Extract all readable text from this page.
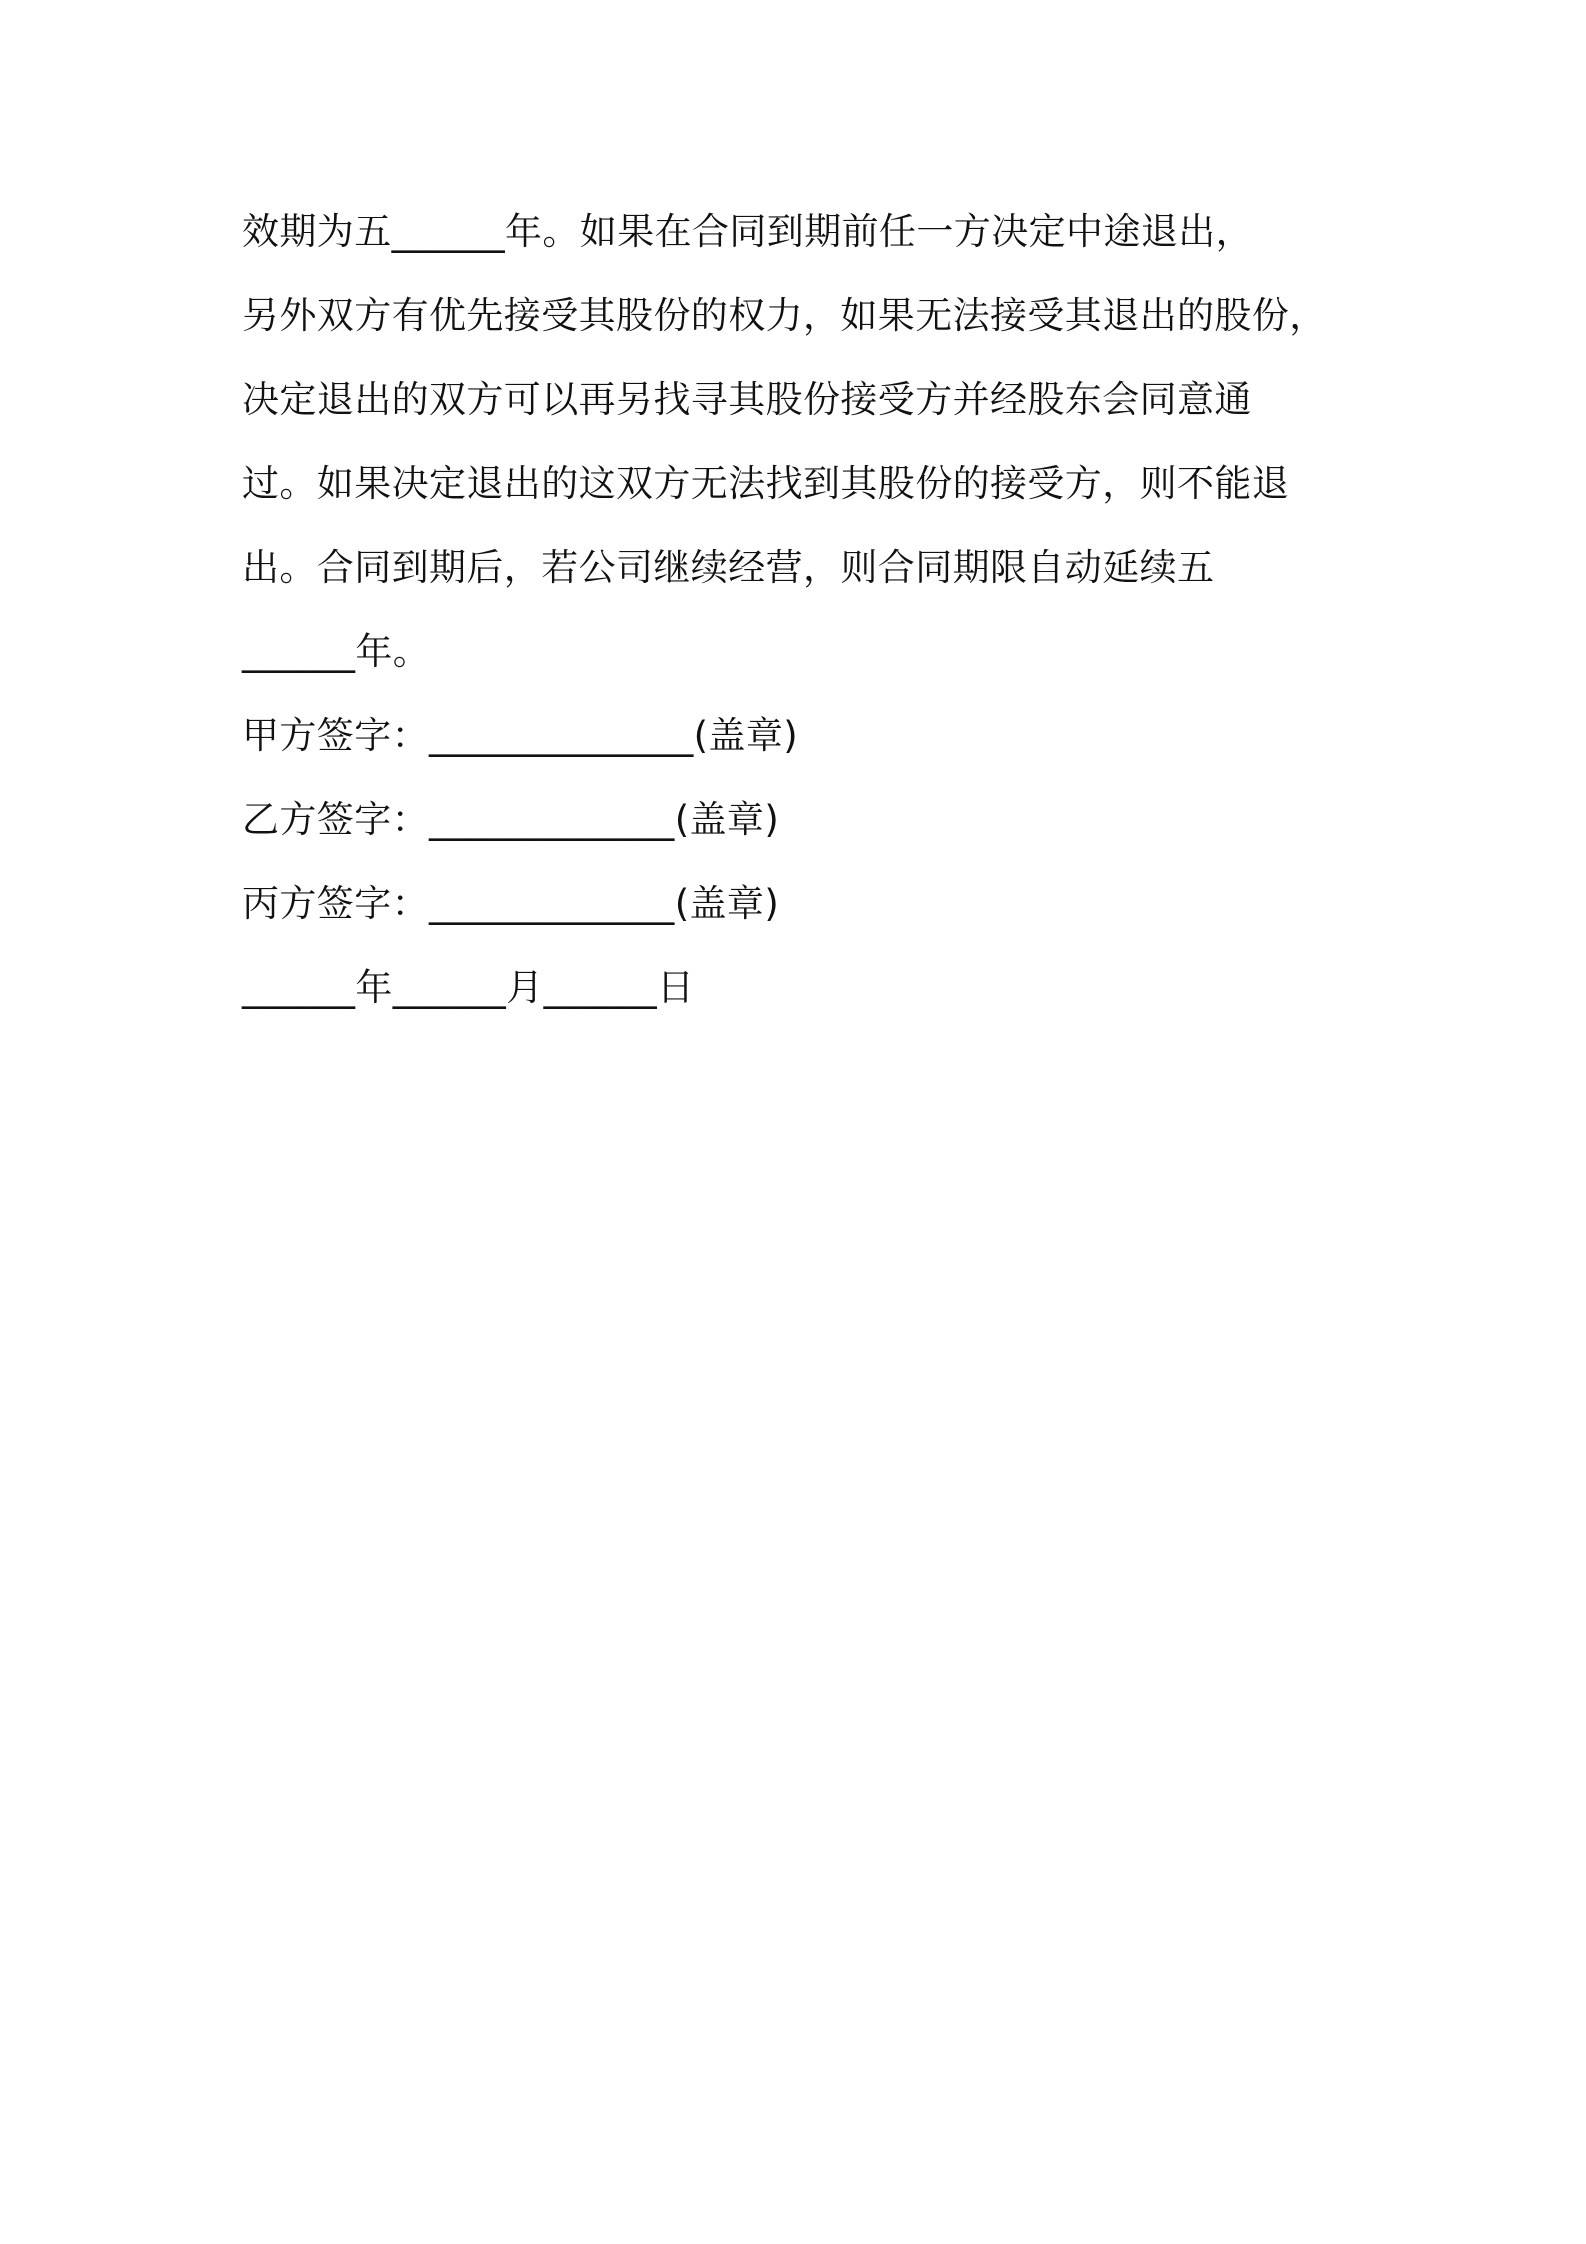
效期为五______年。如果在合同到期前任一方决定中途退出，
另外双方有优先接受其股份的权力，如果无法接受其退出的股份，
决定退出的双方可以再另找寻其股份接受方并经股东会同意通
过。如果决定退出的这双方无法找到其股份的接受方，则不能退
出。合同到期后，若公司继续经营，则合同期限自动延续五
______年。
甲方签字：______________(盖章)
乙方签字：_____________(盖章)
丙方签字：_____________(盖章)
______年______月______日
